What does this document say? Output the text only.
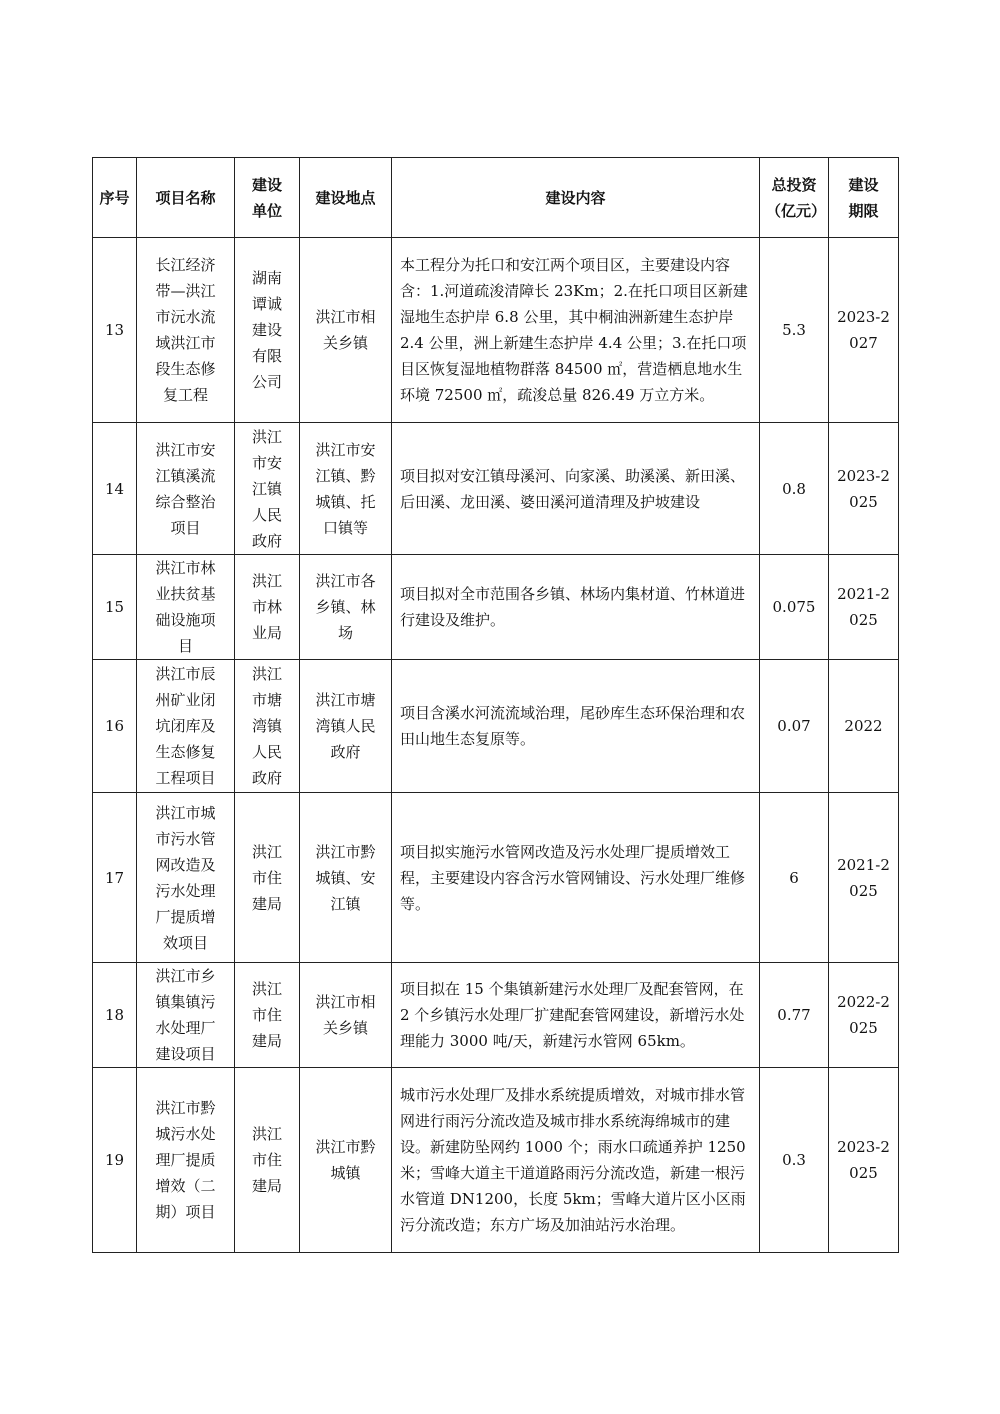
序号	项目名称	建设单位	建设地点	建设内容	总投资（亿元）	建设期限
13	长江经济带—洪江市沅水流域洪江市段生态修复工程	湖南谭诚建设有限公司	洪江市相关乡镇	本工程分为托口和安江两个项目区，主要建设内容含：1.河道疏浚清障长 23Km；2.在托口项目区新建湿地生态护岸 6.8 公里，其中桐油洲新建生态护岸 2.4 公里，洲上新建生态护岸 4.4 公里；3.在托口项目区恢复湿地植物群落 84500 ㎡，营造栖息地水生环境 72500 ㎡，疏浚总量 826.49 万立方米。	5.3	2023-2027
14	洪江市安江镇溪流综合整治项目	洪江市安江镇人民政府	洪江市安江镇、黔城镇、托口镇等	项目拟对安江镇母溪河、向家溪、助溪溪、新田溪、后田溪、龙田溪、婆田溪河道清理及护坡建设	0.8	2023-2025
15	洪江市林业扶贫基础设施项目	洪江市林业局	洪江市各乡镇、林场	项目拟对全市范围各乡镇、林场内集材道、竹林道进行建设及维护。	0.075	2021-2025
16	洪江市辰州矿业闭坑闭库及生态修复工程项目	洪江市塘湾镇人民政府	洪江市塘湾镇人民政府	项目含溪水河流流域治理，尾砂库生态环保治理和农田山地生态复原等。	0.07	2022
17	洪江市城市污水管网改造及污水处理厂提质增效项目	洪江市住建局	洪江市黔城镇、安江镇	项目拟实施污水管网改造及污水处理厂提质增效工程，主要建设内容含污水管网铺设、污水处理厂维修等。	6	2021-2025
18	洪江市乡镇集镇污水处理厂建设项目	洪江市住建局	洪江市相关乡镇	项目拟在 15 个集镇新建污水处理厂及配套管网，在 2 个乡镇污水处理厂扩建配套管网建设，新增污水处理能力 3000 吨/天，新建污水管网 65km。	0.77	2022-2025
19	洪江市黔城污水处理厂提质增效（二期）项目	洪江市住建局	洪江市黔城镇	城市污水处理厂及排水系统提质增效，对城市排水管网进行雨污分流改造及城市排水系统海绵城市的建设。新建防坠网约 1000 个；雨水口疏通养护 1250 米；雪峰大道主干道道路雨污分流改造，新建一根污水管道 DN1200，长度 5km；雪峰大道片区小区雨污分流改造；东方广场及加油站污水治理。	0.3	2023-2025
